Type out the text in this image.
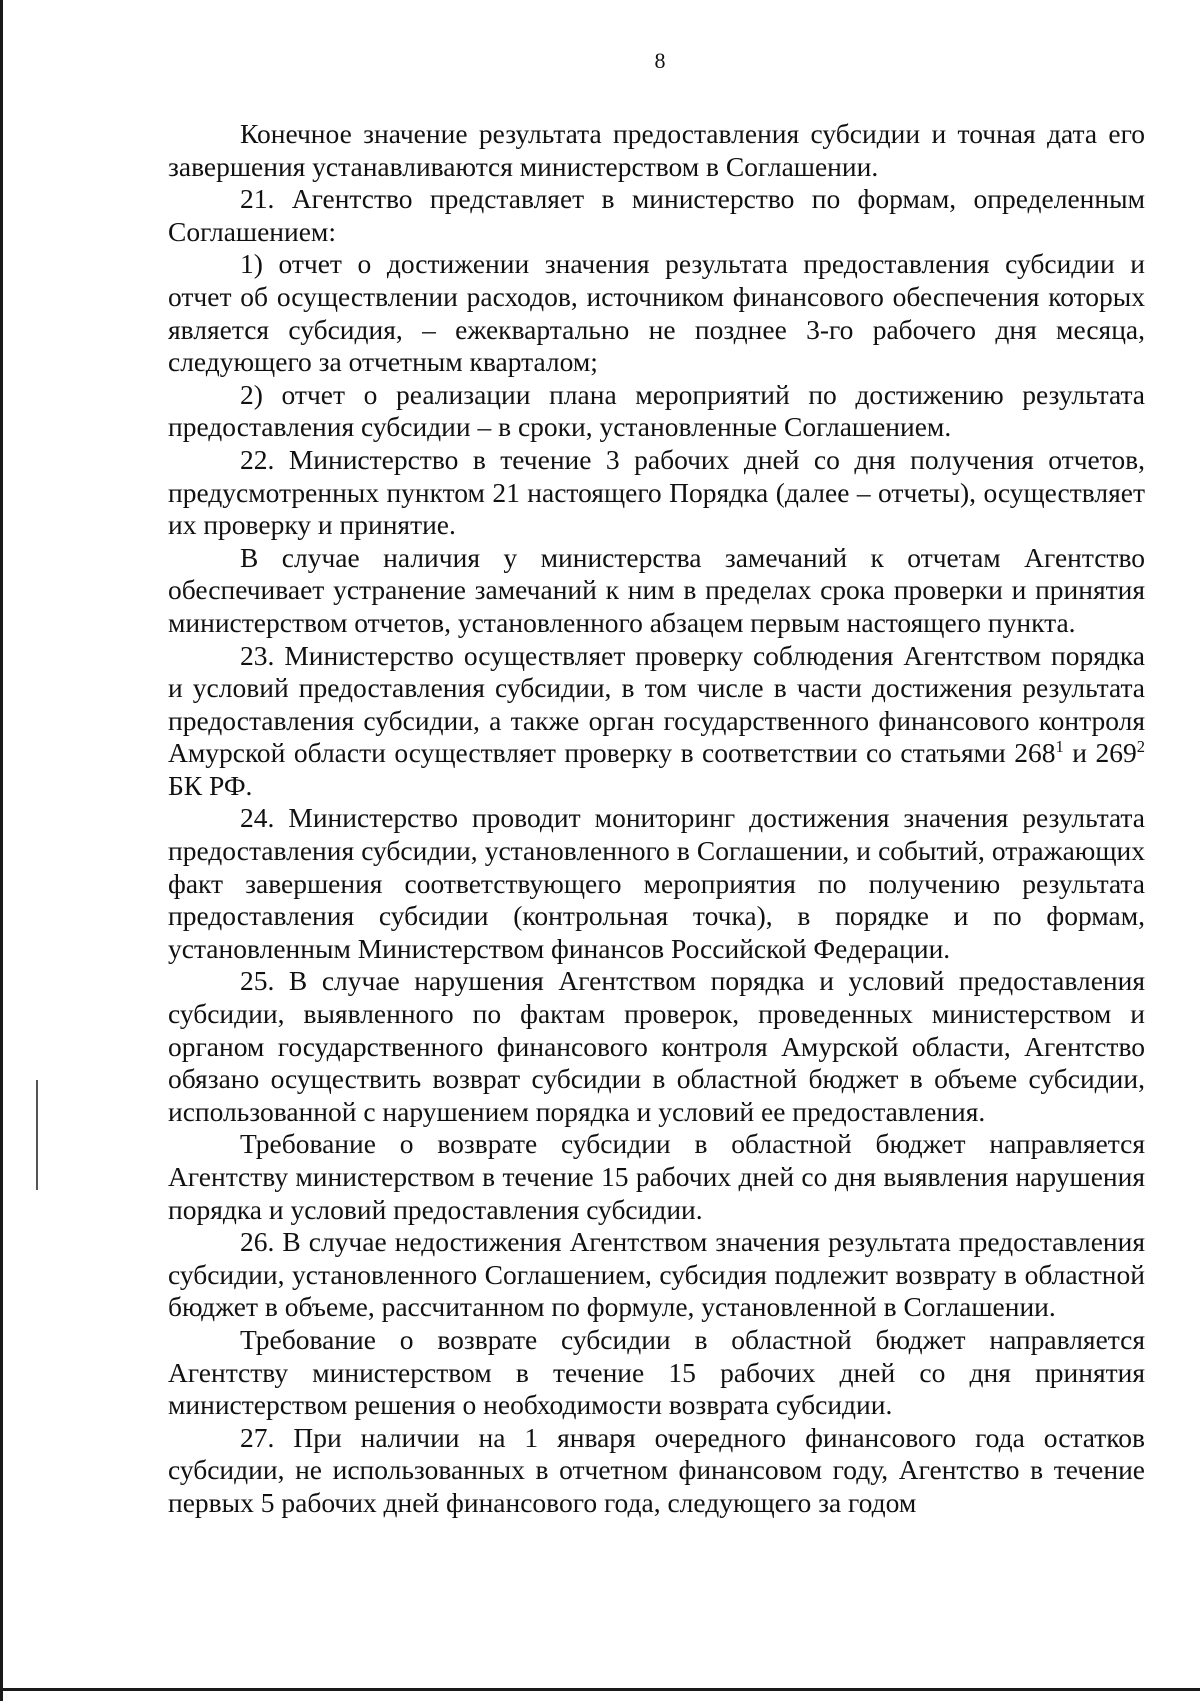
8

Конечное значение результата предоставления субсидии и точная дата его завершения устанавливаются министерством в Соглашении.

21. Агентство представляет в министерство по формам, определенным Соглашением:

1) отчет о достижении значения результата предоставления субсидии и отчет об осуществлении расходов, источником финансового обеспечения которых является субсидия, – ежеквартально не позднее 3-го рабочего дня месяца, следующего за отчетным кварталом;

2) отчет о реализации плана мероприятий по достижению результата предоставления субсидии – в сроки, установленные Соглашением.

22. Министерство в течение 3 рабочих дней со дня получения отчетов, предусмотренных пунктом 21 настоящего Порядка (далее – отчеты), осуществляет их проверку и принятие.

В случае наличия у министерства замечаний к отчетам Агентство обеспечивает устранение замечаний к ним в пределах срока проверки и принятия министерством отчетов, установленного абзацем первым настоящего пункта.

23. Министерство осуществляет проверку соблюдения Агентством порядка и условий предоставления субсидии, в том числе в части достижения результата предоставления субсидии, а также орган государственного финансового контроля Амурской области осуществляет проверку в соответствии со статьями $268^1$ и $269^2$ БК РФ.

24. Министерство проводит мониторинг достижения значения результата предоставления субсидии, установленного в Соглашении, и событий, отражающих факт завершения соответствующего мероприятия по получению результата предоставления субсидии (контрольная точка), в порядке и по формам, установленным Министерством финансов Российской Федерации.

25. В случае нарушения Агентством порядка и условий предоставления субсидии, выявленного по фактам проверок, проведенных министерством и органом государственного финансового контроля Амурской области, Агентство обязано осуществить возврат субсидии в областной бюджет в объеме субсидии, использованной с нарушением порядка и условий ее предоставления.

Требование о возврате субсидии в областной бюджет направляется Агентству министерством в течение 15 рабочих дней со дня выявления нарушения порядка и условий предоставления субсидии.

26. В случае недостижения Агентством значения результата предоставления субсидии, установленного Соглашением, субсидия подлежит возврату в областной бюджет в объеме, рассчитанном по формуле, установленной в Соглашении.

Требование о возврате субсидии в областной бюджет направляется Агентству министерством в течение 15 рабочих дней со дня принятия министерством решения о необходимости возврата субсидии.

27. При наличии на 1 января очередного финансового года остатков субсидии, не использованных в отчетном финансовом году, Агентство в течение первых 5 рабочих дней финансового года, следующего за годом
